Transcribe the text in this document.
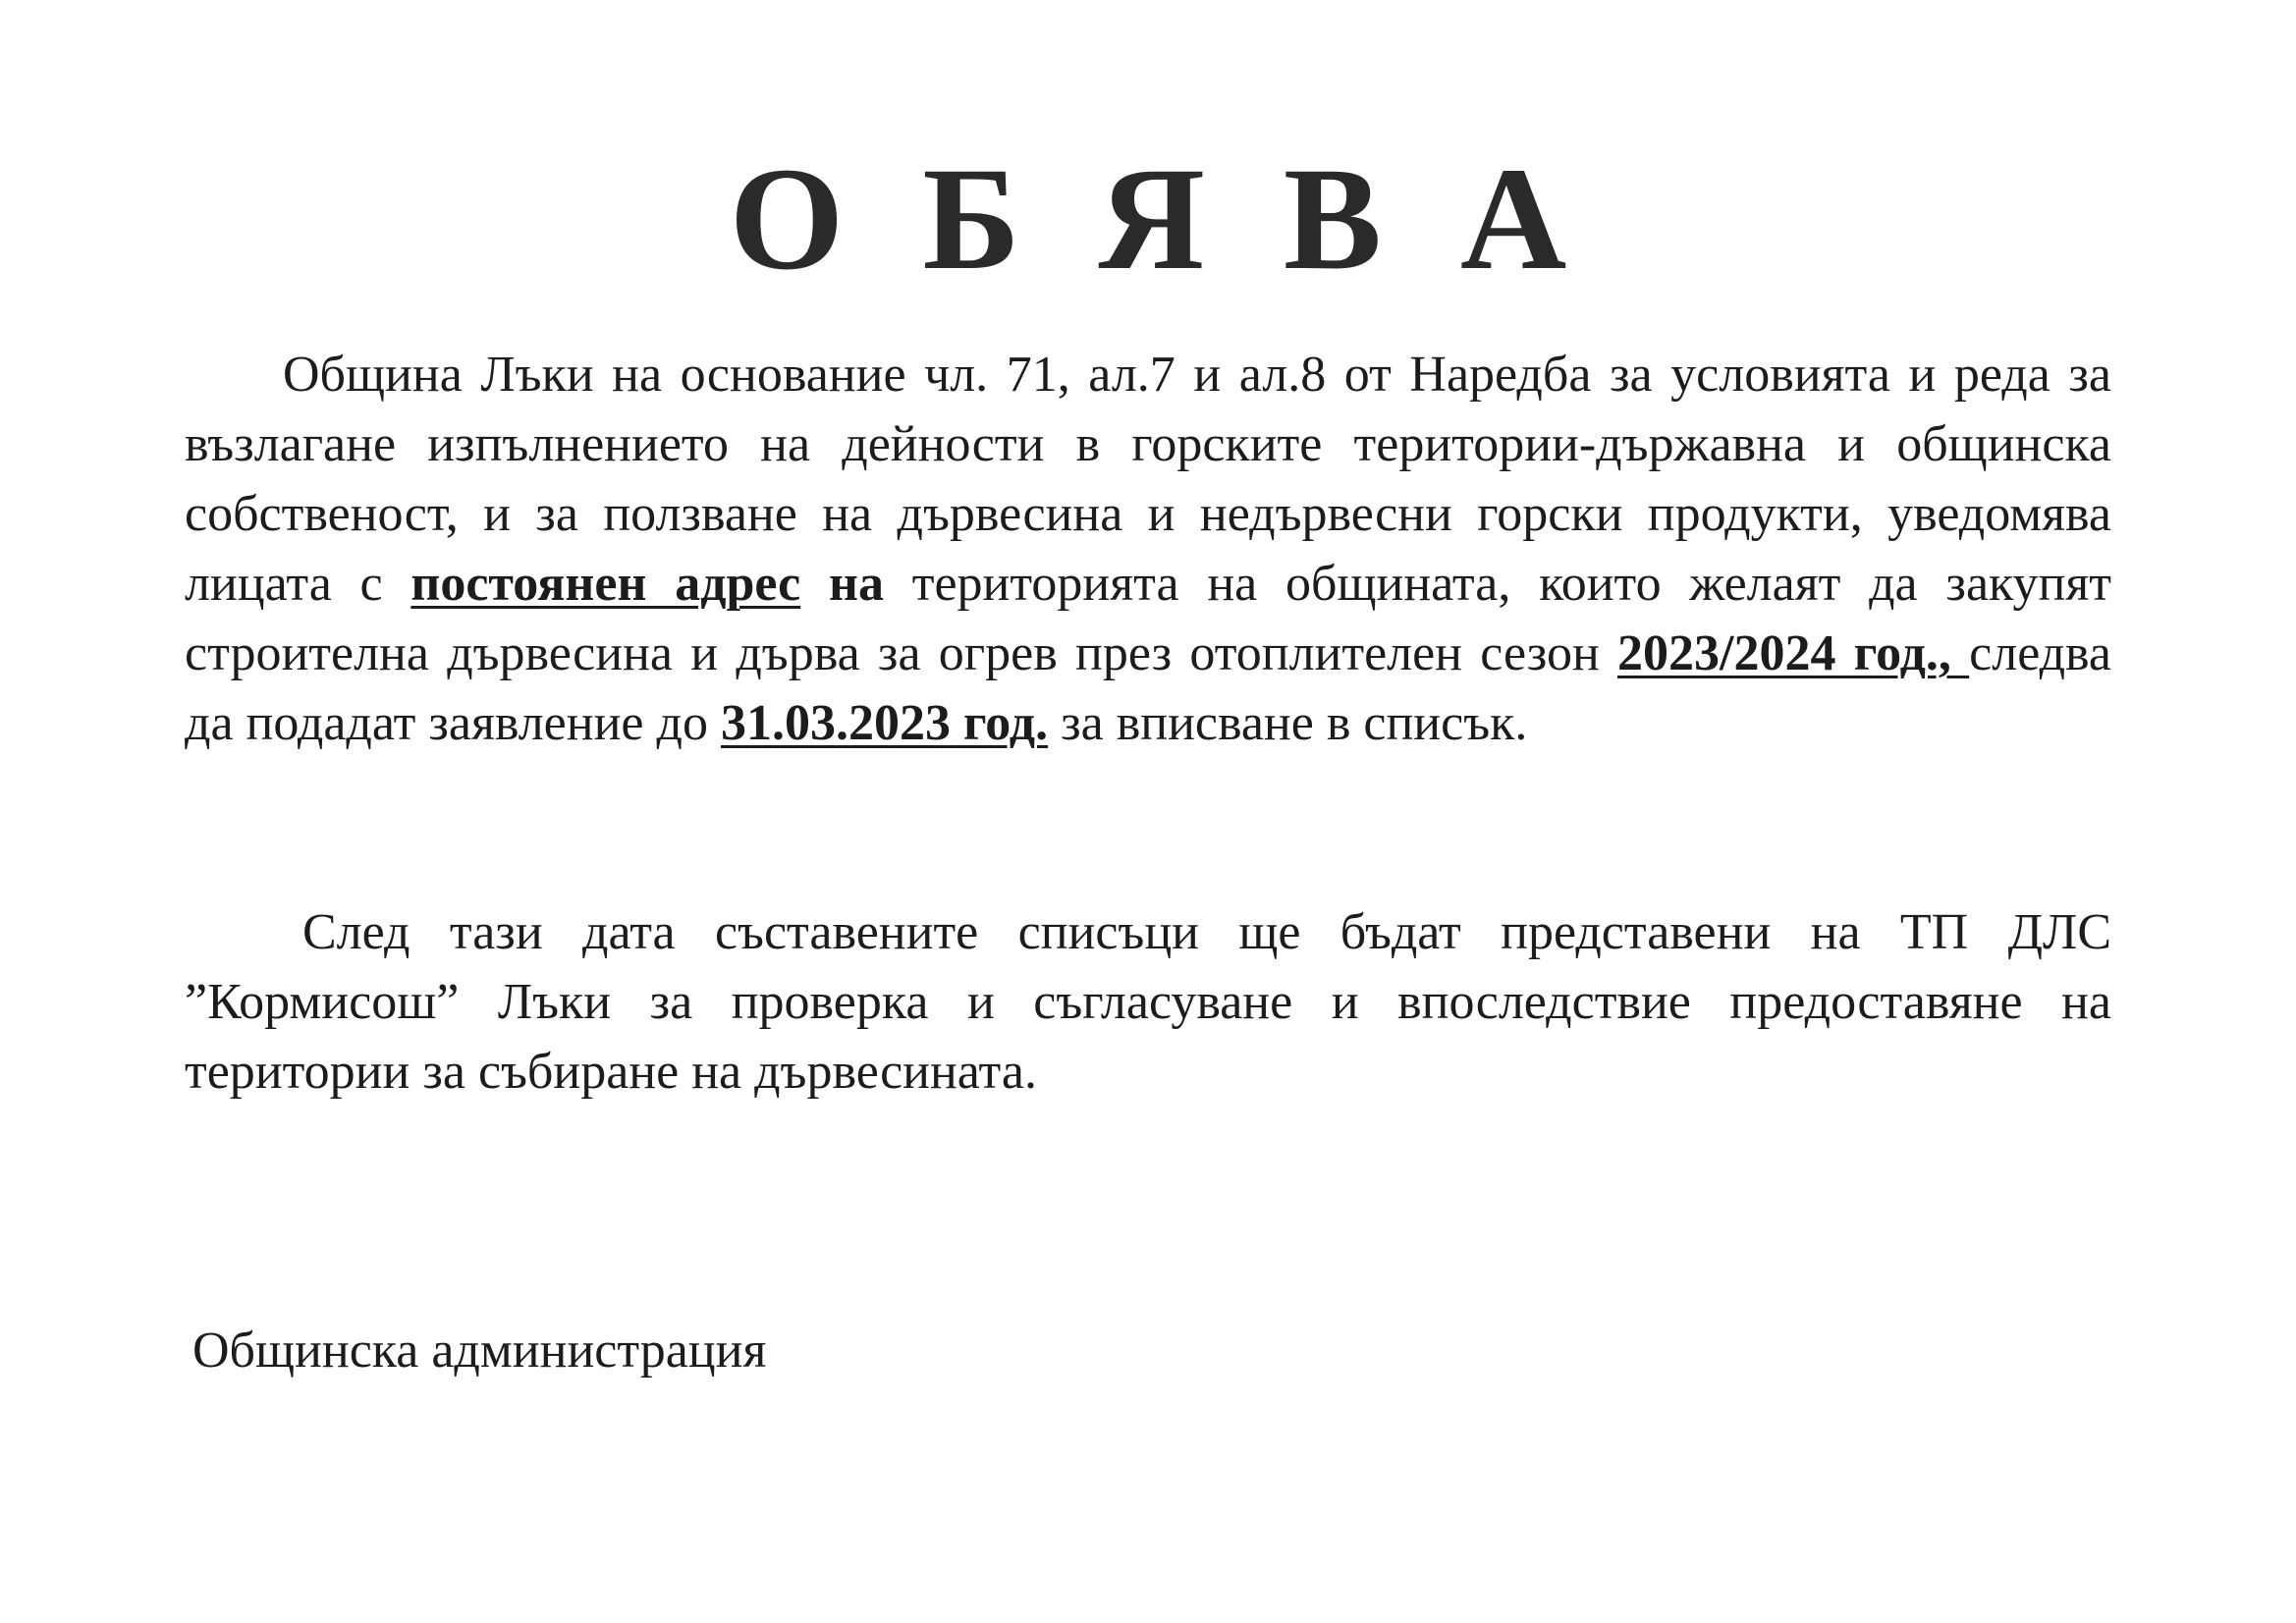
О Б Я В А

Община Лъки на основание чл. 71, ал.7 и ал.8 от Наредба за условията и реда за възлагане изпълнението на дейности в горските територии-държавна и общинска собственост, и за ползване на дървесина и недървесни горски продукти, уведомява лицата с постоянен адрес на територията на общината, които желаят да закупят строителна дървесина и дърва за огрев през отоплителен сезон 2023/2024 год., следва да подадат заявление до 31.03.2023 год. за вписване в списък.

След тази дата съставените списъци ще бъдат представени на ТП ДЛС ”Кормисош” Лъки за проверка и съгласуване и впоследствие предоставяне на територии за събиране на дървесината.

Общинска администрация
